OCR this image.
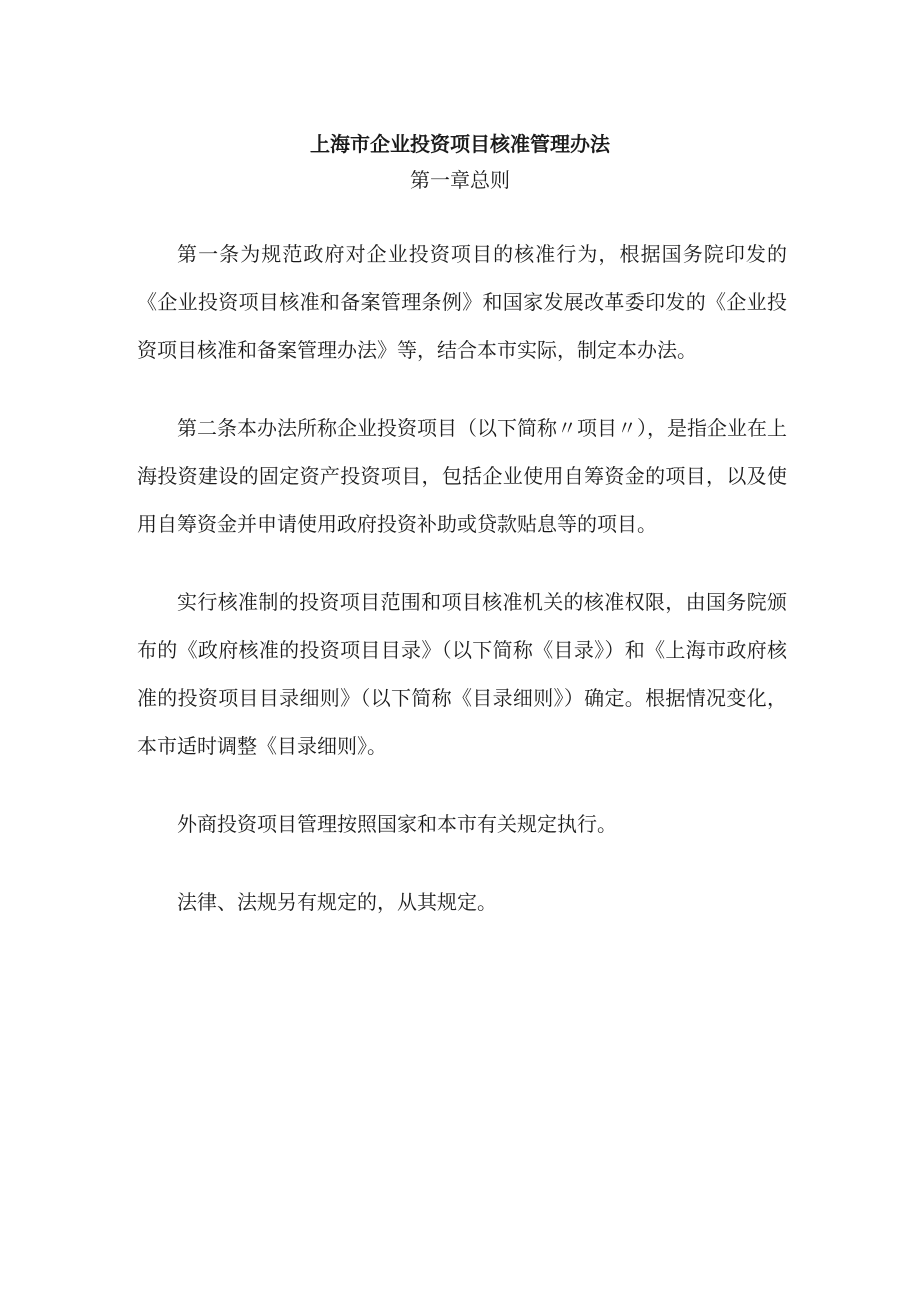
上海市企业投资项目核准管理办法
第一章总则

第一条为规范政府对企业投资项目的核准行为，根据国务院印发的《企业投资项目核准和备案管理条例》和国家发展改革委印发的《企业投资项目核准和备案管理办法》等，结合本市实际，制定本办法。

第二条本办法所称企业投资项目（以下简称〃项目〃），是指企业在上海投资建设的固定资产投资项目，包括企业使用自筹资金的项目，以及使用自筹资金并申请使用政府投资补助或贷款贴息等的项目。

实行核准制的投资项目范围和项目核准机关的核准权限，由国务院颁布的《政府核准的投资项目目录》（以下简称《目录》）和《上海市政府核准的投资项目目录细则》（以下简称《目录细则》）确定。根据情况变化，本市适时调整《目录细则》。

外商投资项目管理按照国家和本市有关规定执行。

法律、法规另有规定的，从其规定。
